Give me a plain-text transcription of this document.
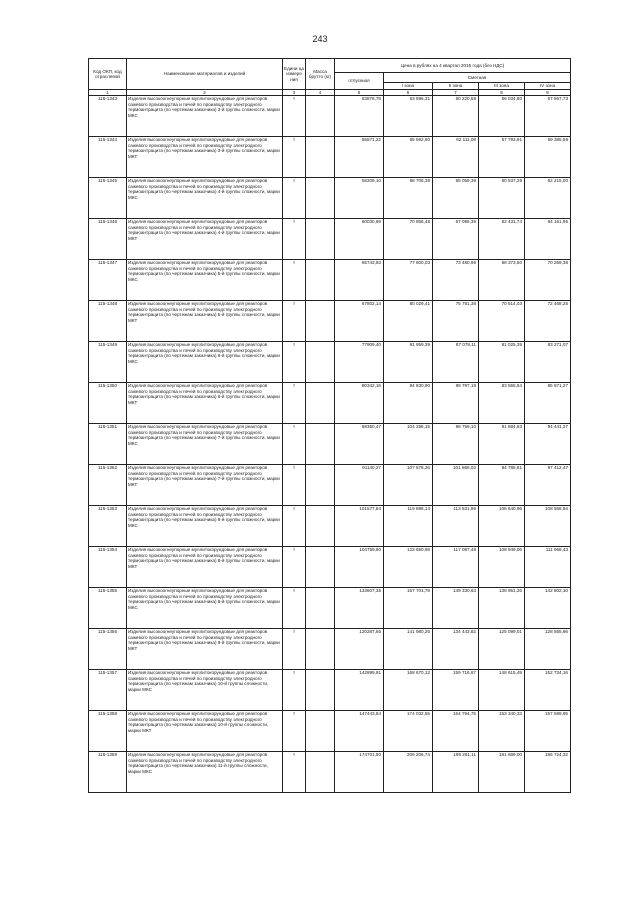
243
Код ОКП, код отраслевой	Наименование материалов и изделий	Едини ца измере ния	Масса брутто (кг)	Цена в рублях на 4 квартал 2015 года (без НДС)				
				отпускная	Сметная			
					I зона	II зона	III зона	IV зона

1	2	3	4	5	6	7	8	9
115-1343	Изделия высокоогнеупорные муллитокорундовые для реакторов сажевого производства и печей по производству электродного термоантрацита (по чертежам заказчика) 3-й группы сложности, марки МКС	т		53878,76	63 596,31	60 220,58	56 034,80	57 567,73
115-1344	Изделия высокоогнеупорные муллитокорундовые для реакторов сажевого производства и печей по производству электродного термоантрацита (по чертежам заказчика) 3-й группы сложности, марки МКТ	т		55571,22	65 592,60	62 111,08	57 793,91	59 385,59
115-1345	Изделия высокоогнеупорные муллитокорундовые для реакторов сажевого производства и печей по производству электродного термоантрацита (по чертежам заказчика) 4-й группы сложности, марки МКС	т		58209,10	68 706,38	65 059,39	60 537,29	62 215,00
115-1346	Изделия высокоогнеупорные муллитокорундовые для реакторов сажевого производства и печей по производству электродного термоантрацита (по чертежам заказчика) 4-й группы сложности, марки МКТ	т		60030,69	70 856,48	67 095,35	62 431,74	64 161,95
115-1347	Изделия высокоогнеупорные муллитокорундовые для реакторов сажевого производства и печей по производству электродного термоантрацита (по чертежам заказчика) 5-й группы сложности, марки МКС	т		65743,93	77 600,03	73 480,95	68 373,50	70 269,38
115-1348	Изделия высокоогнеупорные муллитокорундовые для реакторов сажевого производства и печей по производству электродного термоантрацита (по чертежам заказчика) 5-й группы сложности, марки МКТ	т		67802,14	80 029,41	75 781,38	70 514,03	72 468,25
115-1349	Изделия высокоогнеупорные муллитокорундовые для реакторов сажевого производства и печей по производству электродного термоантрацита (по чертежам заказчика) 6-й группы сложности, марки МКС	т		77909,40	91 959,39	87 078,11	81 025,35	83 271,07
115-1350	Изделия высокоогнеупорные муллитокорундовые для реакторов сажевого производства и печей по производству электродного термоантрацита (по чертежам заказчика) 6-й группы сложности, марки МКТ	т		80342,16	94 830,90	89 797,19	83 555,64	85 871,27
115-1351	Изделия высокоогнеупорные муллитокорундовые для реакторов сажевого производства и печей по производству электродного термоантрацита (по чертежам заказчика) 7-й группы сложности, марки МКС	т		88350,47	104 296,15	98 759,10	91 884,83	94 441,37
115-1352	Изделия высокоогнеупорные муллитокорундовые для реакторов сажевого производства и печей по производству электродного термоантрацита (по чертежам заказчика) 7-й группы сложности, марки МКТ	т		91140,27	107 578,26	101 866,03	94 785,81	97 412,47
115-1353	Изделия высокоогнеупорные муллитокорундовые для реакторов сажевого производства и печей по производству электродного термоантрацита (по чертежам заказчика) 8-й группы сложности, марки МКС	т		101577,84	119 898,14	113 531,95	105 640,96	108 568,94
115-1354	Изделия высокоогнеупорные муллитокорундовые для реакторов сажевого производства и печей по производству электродного термоантрацита (по чертежам заказчика) 8-й группы сложности, марки МКТ	т		104759,90	123 650,98	117 087,48	108 949,06	111 968,43
115-1355	Изделия высокоогнеупорные муллитокорундовые для реакторов сажевого производства и печей по производству электродного термоантрацита (по чертежам заказчика) 9-й группы сложности, марки МКС	т		133607,35	157 701,78	149 330,63	138 951,26	142 802,10
115-1356	Изделия высокоогнеупорные муллитокорундовые для реакторов сажевого производства и печей по производству электродного термоантрацита (по чертежам заказчика) 9-й группы сложности, марки МКТ	т		120287,65	141 980,26	134 443,82	125 099,01	128 565,96
115-1357	Изделия высокоогнеупорные муллитокорундовые для реакторов сажевого производства и печей по производству электродного термоантрацита (по чертежам заказчика) 10-й группы сложности, марки МКС	т		142899,91	168 670,13	159 716,67	148 615,49	152 734,16
115-1358	Изделия высокоогнеупорные муллитокорундовые для реакторов сажевого производства и печей по производству электродного термоантрацита (по чертежам заказчика) 10-й группы сложности, марки МКТ	т		147443,84	174 032,55	164 794,75	153 340,33	157 589,95
115-1359	Изделия высокоогнеупорные муллитокорундовые для реакторов сажевого производства и печей по производству электродного термоантрацита (по чертежам заказчика) 11-й группы сложности, марки МКС	т		174701,50	206 206,74	195 261,11	181 689,00	186 724,32
